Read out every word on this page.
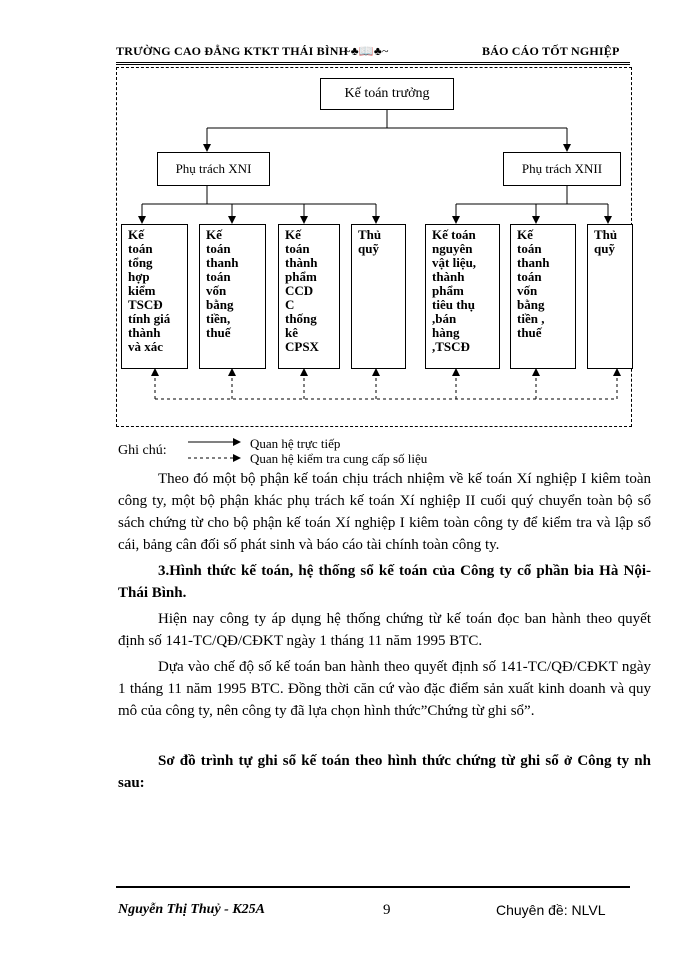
TRƯỜNG CAO ĐẲNG KTKT THÁI BÌNH
~♣📖♣~	BÁO CÁO TỐT NGHIỆP
Kế toán trưởng
Phụ trách XNI	Phụ trách XNII
Kế
toán
tổng
hợp
kiểm
TSCĐ
tính giá
thành
và xác
Kế
toán
thanh
toán
vốn
bằng
tiền,
thuế
Kế
toán
thành
phẩm
CCD
C
thống
kê
CPSX
Thủ
quỹ
Kế toán
nguyên
vật liệu,
thành
phẩm
tiêu thụ
,bán
hàng
,TSCĐ
Kế
toán
thanh
toán
vốn
bằng
tiền ,
thuế
Thủ
quỹ
Ghi chú:	Quan hệ trực tiếp
Quan hệ kiểm tra cung cấp số liệu

Theo đó một bộ phận kế toán chịu trách nhiệm về kế toán Xí nghiệp I kiêm toàn công ty, một bộ phận khác phụ trách kế toán Xí nghiệp II cuối quý chuyển toàn bộ sổ sách chứng từ cho bộ phận kế toán Xí nghiệp I kiêm toàn công ty để kiểm tra và lập sổ cái, bảng cân đối số phát sinh và báo cáo tài chính toàn công ty.

3.Hình thức kế toán, hệ thống sổ kế toán của Công ty cổ phần bia Hà Nội-Thái Bình.

Hiện nay công ty áp dụng hệ thống chứng từ kế toán đọc ban hành theo quyết định số 141-TC/QĐ/CĐKT ngày 1 tháng 11 năm 1995 BTC.

Dựa vào chế độ số kế toán ban hành theo quyết định số 141-TC/QĐ/CĐKT ngày 1 tháng 11 năm 1995 BTC. Đồng thời căn cứ vào đặc điểm sản xuất kinh doanh và quy mô của công ty, nên công ty đã lựa chọn hình thức”Chứng từ ghi sổ”.

Sơ đồ trình tự ghi sổ kế toán theo hình thức chứng từ ghi sổ ở Công ty nh sau:

Nguyễn Thị Thuỷ - K25A	9	Chuyên đề: NLVL
